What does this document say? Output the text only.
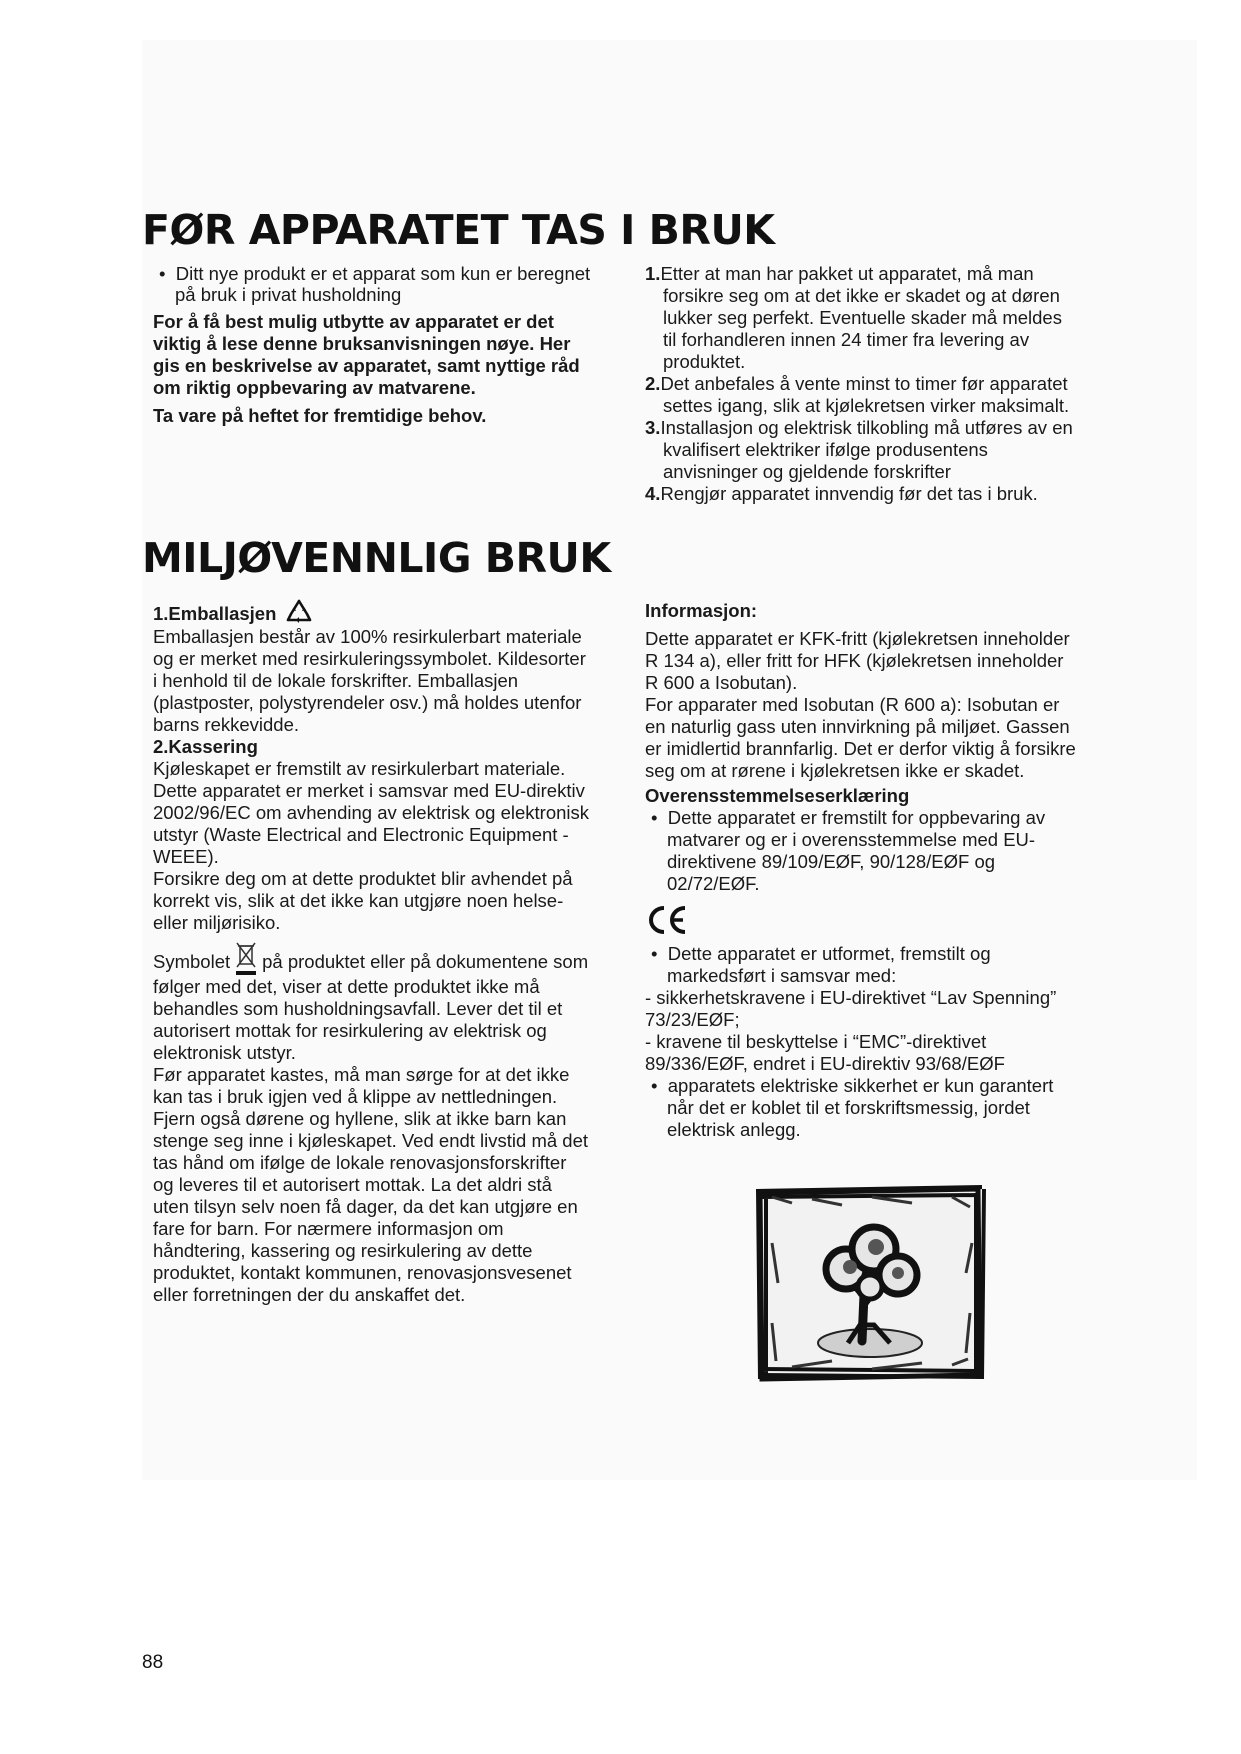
FØR APPARATET TAS I BRUK

•  Ditt nye produkt er et apparat som kun er beregnet på bruk i privat husholdning

For å få best mulig utbytte av apparatet er det viktig å lese denne bruksanvisningen nøye. Her gis en beskrivelse av apparatet, samt nyttige råd om riktig oppbevaring av matvarene.

Ta vare på heftet for fremtidige behov.

1.Etter at man har pakket ut apparatet, må man forsikre seg om at det ikke er skadet og at døren lukker seg perfekt. Eventuelle skader må meldes til forhandleren innen 24 timer fra levering av produktet.

2.Det anbefales å vente minst to timer før apparatet settes igang, slik at kjølekretsen virker maksimalt.

3.Installasjon og elektrisk tilkobling må utføres av en kvalifisert elektriker ifølge produsentens anvisninger og gjeldende forskrifter

4.Rengjør apparatet innvendig før det tas i bruk.

MILJØVENNLIG BRUK

1.Emballasjen

Emballasjen består av 100% resirkulerbart materiale og er merket med resirkuleringssymbolet. Kildesorter i henhold til de lokale forskrifter. Emballasjen (plastposter, polystyrendeler osv.) må holdes utenfor barns rekkevidde.

2.Kassering

Kjøleskapet er fremstilt av resirkulerbart materiale.

Dette apparatet er merket i samsvar med EU-direktiv 2002/96/EC om avhending av elektrisk og elektronisk utstyr (Waste Electrical and Electronic Equipment - WEEE).

Forsikre deg om at dette produktet blir avhendet på korrekt vis, slik at det ikke kan utgjøre noen helse- eller miljørisiko.

Symbolet på produktet eller på dokumentene som følger med det, viser at dette produktet ikke må behandles som husholdningsavfall. Lever det til et autorisert mottak for resirkulering av elektrisk og elektronisk utstyr.

Før apparatet kastes, må man sørge for at det ikke kan tas i bruk igjen ved å klippe av nettledningen. Fjern også dørene og hyllene, slik at ikke barn kan stenge seg inne i kjøleskapet. Ved endt livstid må det tas hånd om ifølge de lokale renovasjonsforskrifter og leveres til et autorisert mottak. La det aldri stå uten tilsyn selv noen få dager, da det kan utgjøre en fare for barn. For nærmere informasjon om håndtering, kassering og resirkulering av dette produktet, kontakt kommunen, renovasjonsvesenet eller forretningen der du anskaffet det.

Informasjon:

Dette apparatet er KFK-fritt (kjølekretsen inneholder R 134 a), eller fritt for HFK (kjølekretsen inneholder R 600 a Isobutan).

For apparater med Isobutan (R 600 a): Isobutan er en naturlig gass uten innvirkning på miljøet. Gassen er imidlertid brannfarlig. Det er derfor viktig å forsikre seg om at rørene i kjølekretsen ikke er skadet.

Overensstemmelseserklæring

•  Dette apparatet er fremstilt for oppbevaring av matvarer og er i overensstemmelse med EU-direktivene 89/109/EØF, 90/128/EØF og 02/72/EØF.

•  Dette apparatet er utformet, fremstilt og markedsført i samsvar med:

- sikkerhetskravene i EU-direktivet “Lav Spenning” 73/23/EØF;

- kravene til beskyttelse i “EMC”-direktivet 89/336/EØF, endret i EU-direktiv 93/68/EØF

•  apparatets elektriske sikkerhet er kun garantert når det er koblet til et forskriftsmessig, jordet elektrisk anlegg.

88
